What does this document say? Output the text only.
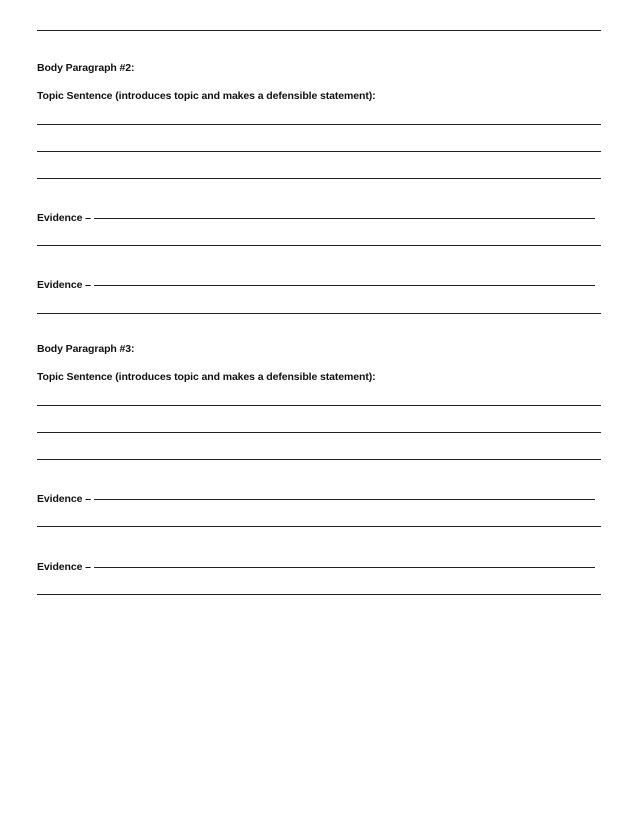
Body Paragraph #2:
Topic Sentence (introduces topic and makes a defensible statement):
Evidence –
Evidence –
Body Paragraph #3:
Topic Sentence (introduces topic and makes a defensible statement):
Evidence –
Evidence –
